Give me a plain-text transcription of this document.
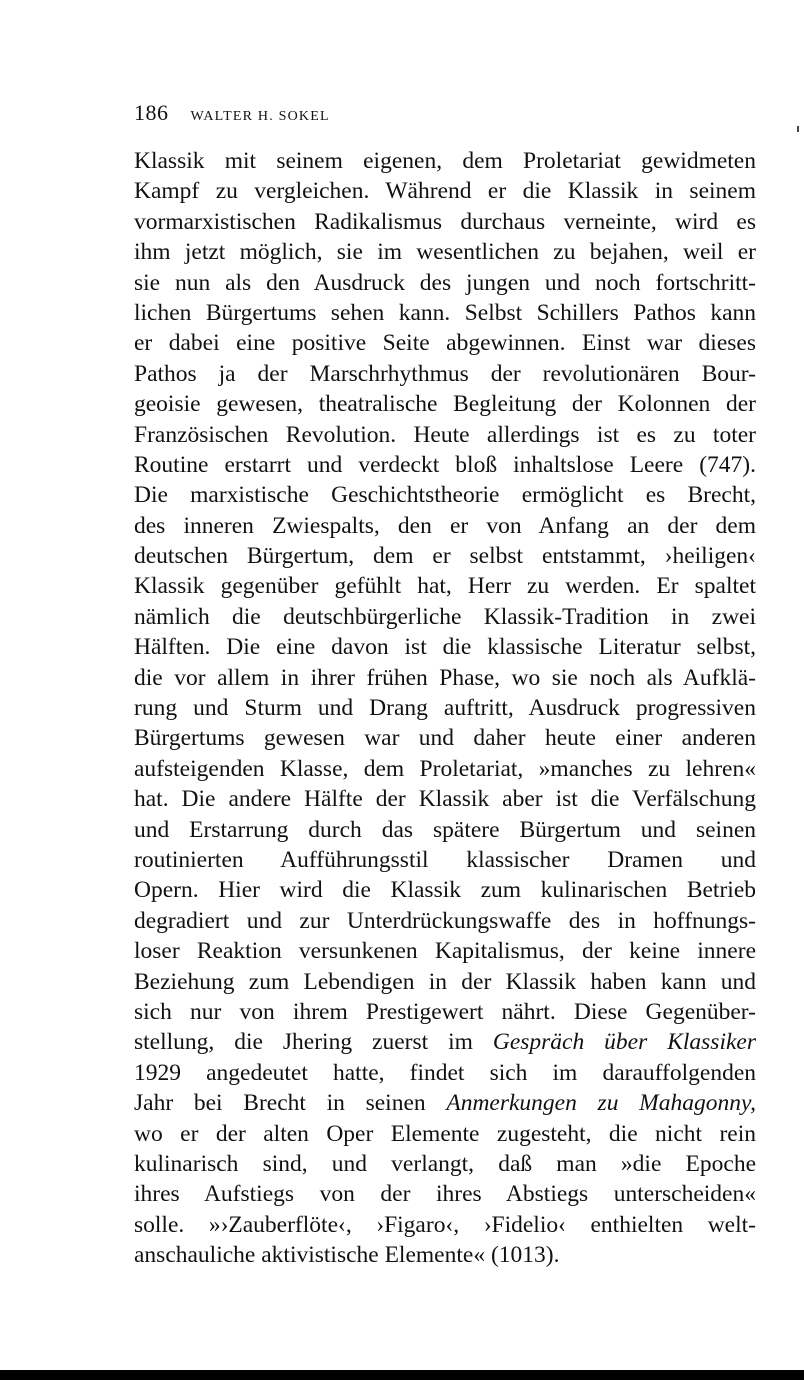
186 WALTER H. SOKEL
Klassik mit seinem eigenen, dem Proletariat gewidmeten
Kampf zu vergleichen. Während er die Klassik in seinem
vormarxistischen Radikalismus durchaus verneinte, wird es
ihm jetzt möglich, sie im wesentlichen zu bejahen, weil er
sie nun als den Ausdruck des jungen und noch fortschritt-
lichen Bürgertums sehen kann. Selbst Schillers Pathos kann
er dabei eine positive Seite abgewinnen. Einst war dieses
Pathos ja der Marschrhythmus der revolutionären Bour-
geoisie gewesen, theatralische Begleitung der Kolonnen der
Französischen Revolution. Heute allerdings ist es zu toter
Routine erstarrt und verdeckt bloß inhaltslose Leere (747).
Die marxistische Geschichtstheorie ermöglicht es Brecht,
des inneren Zwiespalts, den er von Anfang an der dem
deutschen Bürgertum, dem er selbst entstammt, ›heiligen‹
Klassik gegenüber gefühlt hat, Herr zu werden. Er spaltet
nämlich die deutschbürgerliche Klassik-Tradition in zwei
Hälften. Die eine davon ist die klassische Literatur selbst,
die vor allem in ihrer frühen Phase, wo sie noch als Aufklä-
rung und Sturm und Drang auftritt, Ausdruck progressiven
Bürgertums gewesen war und daher heute einer anderen
aufsteigenden Klasse, dem Proletariat, »manches zu lehren«
hat. Die andere Hälfte der Klassik aber ist die Verfälschung
und Erstarrung durch das spätere Bürgertum und seinen
routinierten Aufführungsstil klassischer Dramen und
Opern. Hier wird die Klassik zum kulinarischen Betrieb
degradiert und zur Unterdrückungswaffe des in hoffnungs-
loser Reaktion versunkenen Kapitalismus, der keine innere
Beziehung zum Lebendigen in der Klassik haben kann und
sich nur von ihrem Prestigewert nährt. Diese Gegenüber-
stellung, die Jhering zuerst im Gespräch über Klassiker
1929 angedeutet hatte, findet sich im darauffolgenden
Jahr bei Brecht in seinen Anmerkungen zu Mahagonny,
wo er der alten Oper Elemente zugesteht, die nicht rein
kulinarisch sind, und verlangt, daß man »die Epoche
ihres Aufstiegs von der ihres Abstiegs unterscheiden«
solle. »›Zauberflöte‹, ›Figaro‹, ›Fidelio‹ enthielten welt-
anschauliche aktivistische Elemente« (1013).
